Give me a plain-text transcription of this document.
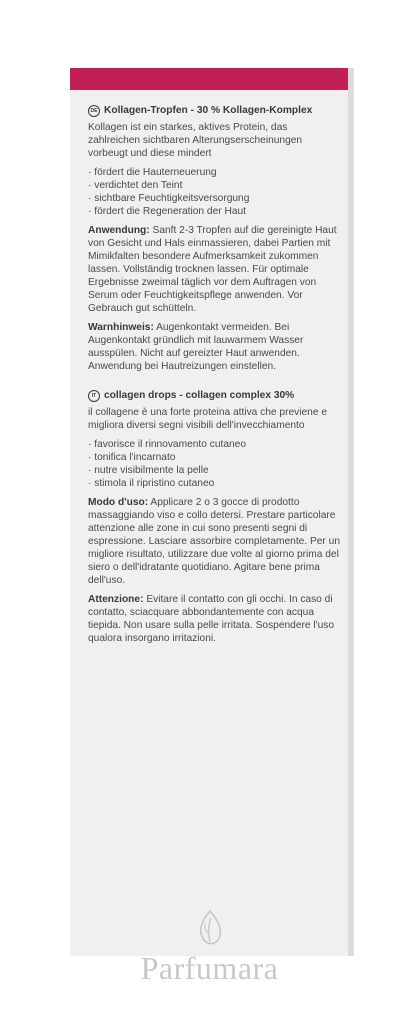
DE Kollagen-Tropfen - 30 % Kollagen-Komplex

Kollagen ist ein starkes, aktives Protein, das zahlreichen sichtbaren Alterungserscheinungen vorbeugt und diese mindert

· fördert die Hauterneuerung
· verdichtet den Teint
· sichtbare Feuchtigkeitsversorgung
· fördert die Regeneration der Haut

Anwendung: Sanft 2-3 Tropfen auf die gereinigte Haut von Gesicht und Hals einmassieren, dabei Partien mit Mimikfalten besondere Aufmerksamkeit zukommen lassen. Vollständig trocknen lassen. Für optimale Ergebnisse zweimal täglich vor dem Auftragen von Serum oder Feuchtigkeitspflege anwenden. Vor Gebrauch gut schütteln.

Warnhinweis: Augenkontakt vermeiden. Bei Augenkontakt gründlich mit lauwarmem Wasser ausspülen. Nicht auf gereizter Haut anwenden. Anwendung bei Hautreizungen einstellen.

IT collagen drops - collagen complex 30%

il collagene è una forte proteina attiva che previene e migliora diversi segni visibili dell'invecchiamento

· favorisce il rinnovamento cutaneo
· tonifica l'incarnato
· nutre visibilmente la pelle
· stimola il ripristino cutaneo

Modo d'uso: Applicare 2 o 3 gocce di prodotto massaggiando viso e collo detersi. Prestare particolare attenzione alle zone in cui sono presenti segni di espressione. Lasciare assorbire completamente. Per un migliore risultato, utilizzare due volte al giorno prima del siero o dell'idratante quotidiano. Agitare bene prima dell'uso.

Attenzione: Evitare il contatto con gli occhi. In caso di contatto, sciacquare abbondantemente con acqua tiepida. Non usare sulla pelle irritata. Sospendere l'uso qualora insorgano irritazioni.

Parfumara
